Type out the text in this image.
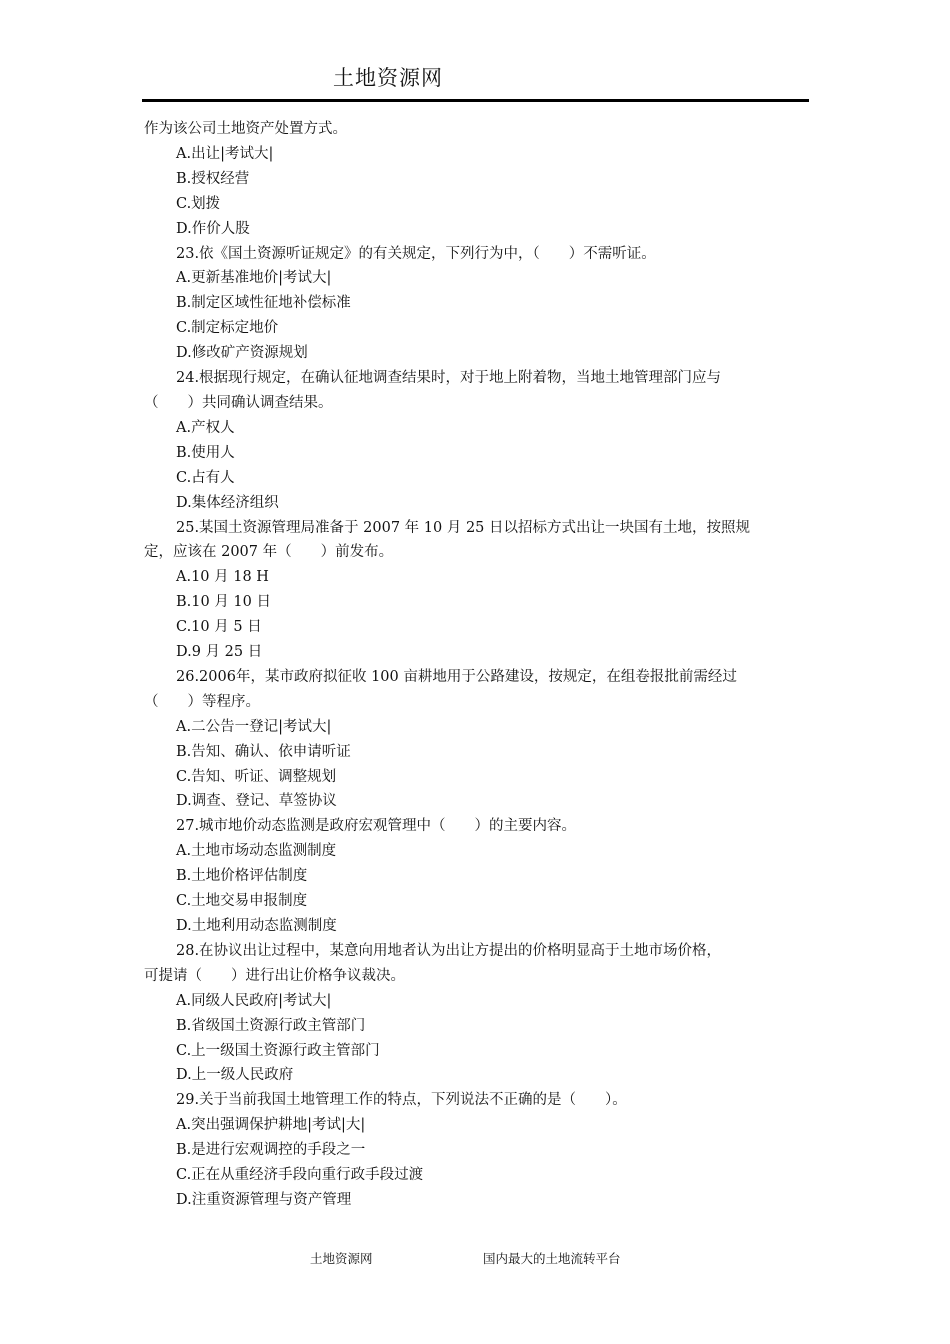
土地资源网
作为该公司土地资产处置方式。
A.出让|考试大|
B.授权经营
C.划拨
D.作价人股
23.依《国土资源听证规定》的有关规定，下列行为中，（　　）不需听证。
A.更新基准地价|考试大|
B.制定区域性征地补偿标准
C.制定标定地价
D.修改矿产资源规划
24.根据现行规定，在确认征地调查结果时，对于地上附着物，当地土地管理部门应与
（　　）共同确认调查结果。
A.产权人
B.使用人
C.占有人
D.集体经济组织
25.某国土资源管理局准备于 2007 年 10 月 25 日以招标方式出让一块国有土地，按照规
定，应该在 2007 年（　　）前发布。
A.10 月 18 H
B.10 月 10 日
C.10 月 5 日
D.9 月 25 日
26.2006年，某市政府拟征收 100 亩耕地用于公路建设，按规定，在组卷报批前需经过
（　　）等程序。
A.二公告一登记|考试大|
B.告知、确认、依申请听证
C.告知、听证、调整规划
D.调查、登记、草签协议
27.城市地价动态监测是政府宏观管理中（　　）的主要内容。
A.土地市场动态监测制度
B.土地价格评估制度
C.土地交易申报制度
D.土地利用动态监测制度
28.在协议出让过程中，某意向用地者认为出让方提出的价格明显高于土地市场价格，
可提请（　　）进行出让价格争议裁决。
A.同级人民政府|考试大|
B.省级国土资源行政主管部门
C.上一级国土资源行政主管部门
D.上一级人民政府
29.关于当前我国土地管理工作的特点，下列说法不正确的是（　　）。
A.突出强调保护耕地|考试|大|
B.是进行宏观调控的手段之一
C.正在从重经济手段向重行政手段过渡
D.注重资源管理与资产管理
土地资源网	国内最大的土地流转平台
